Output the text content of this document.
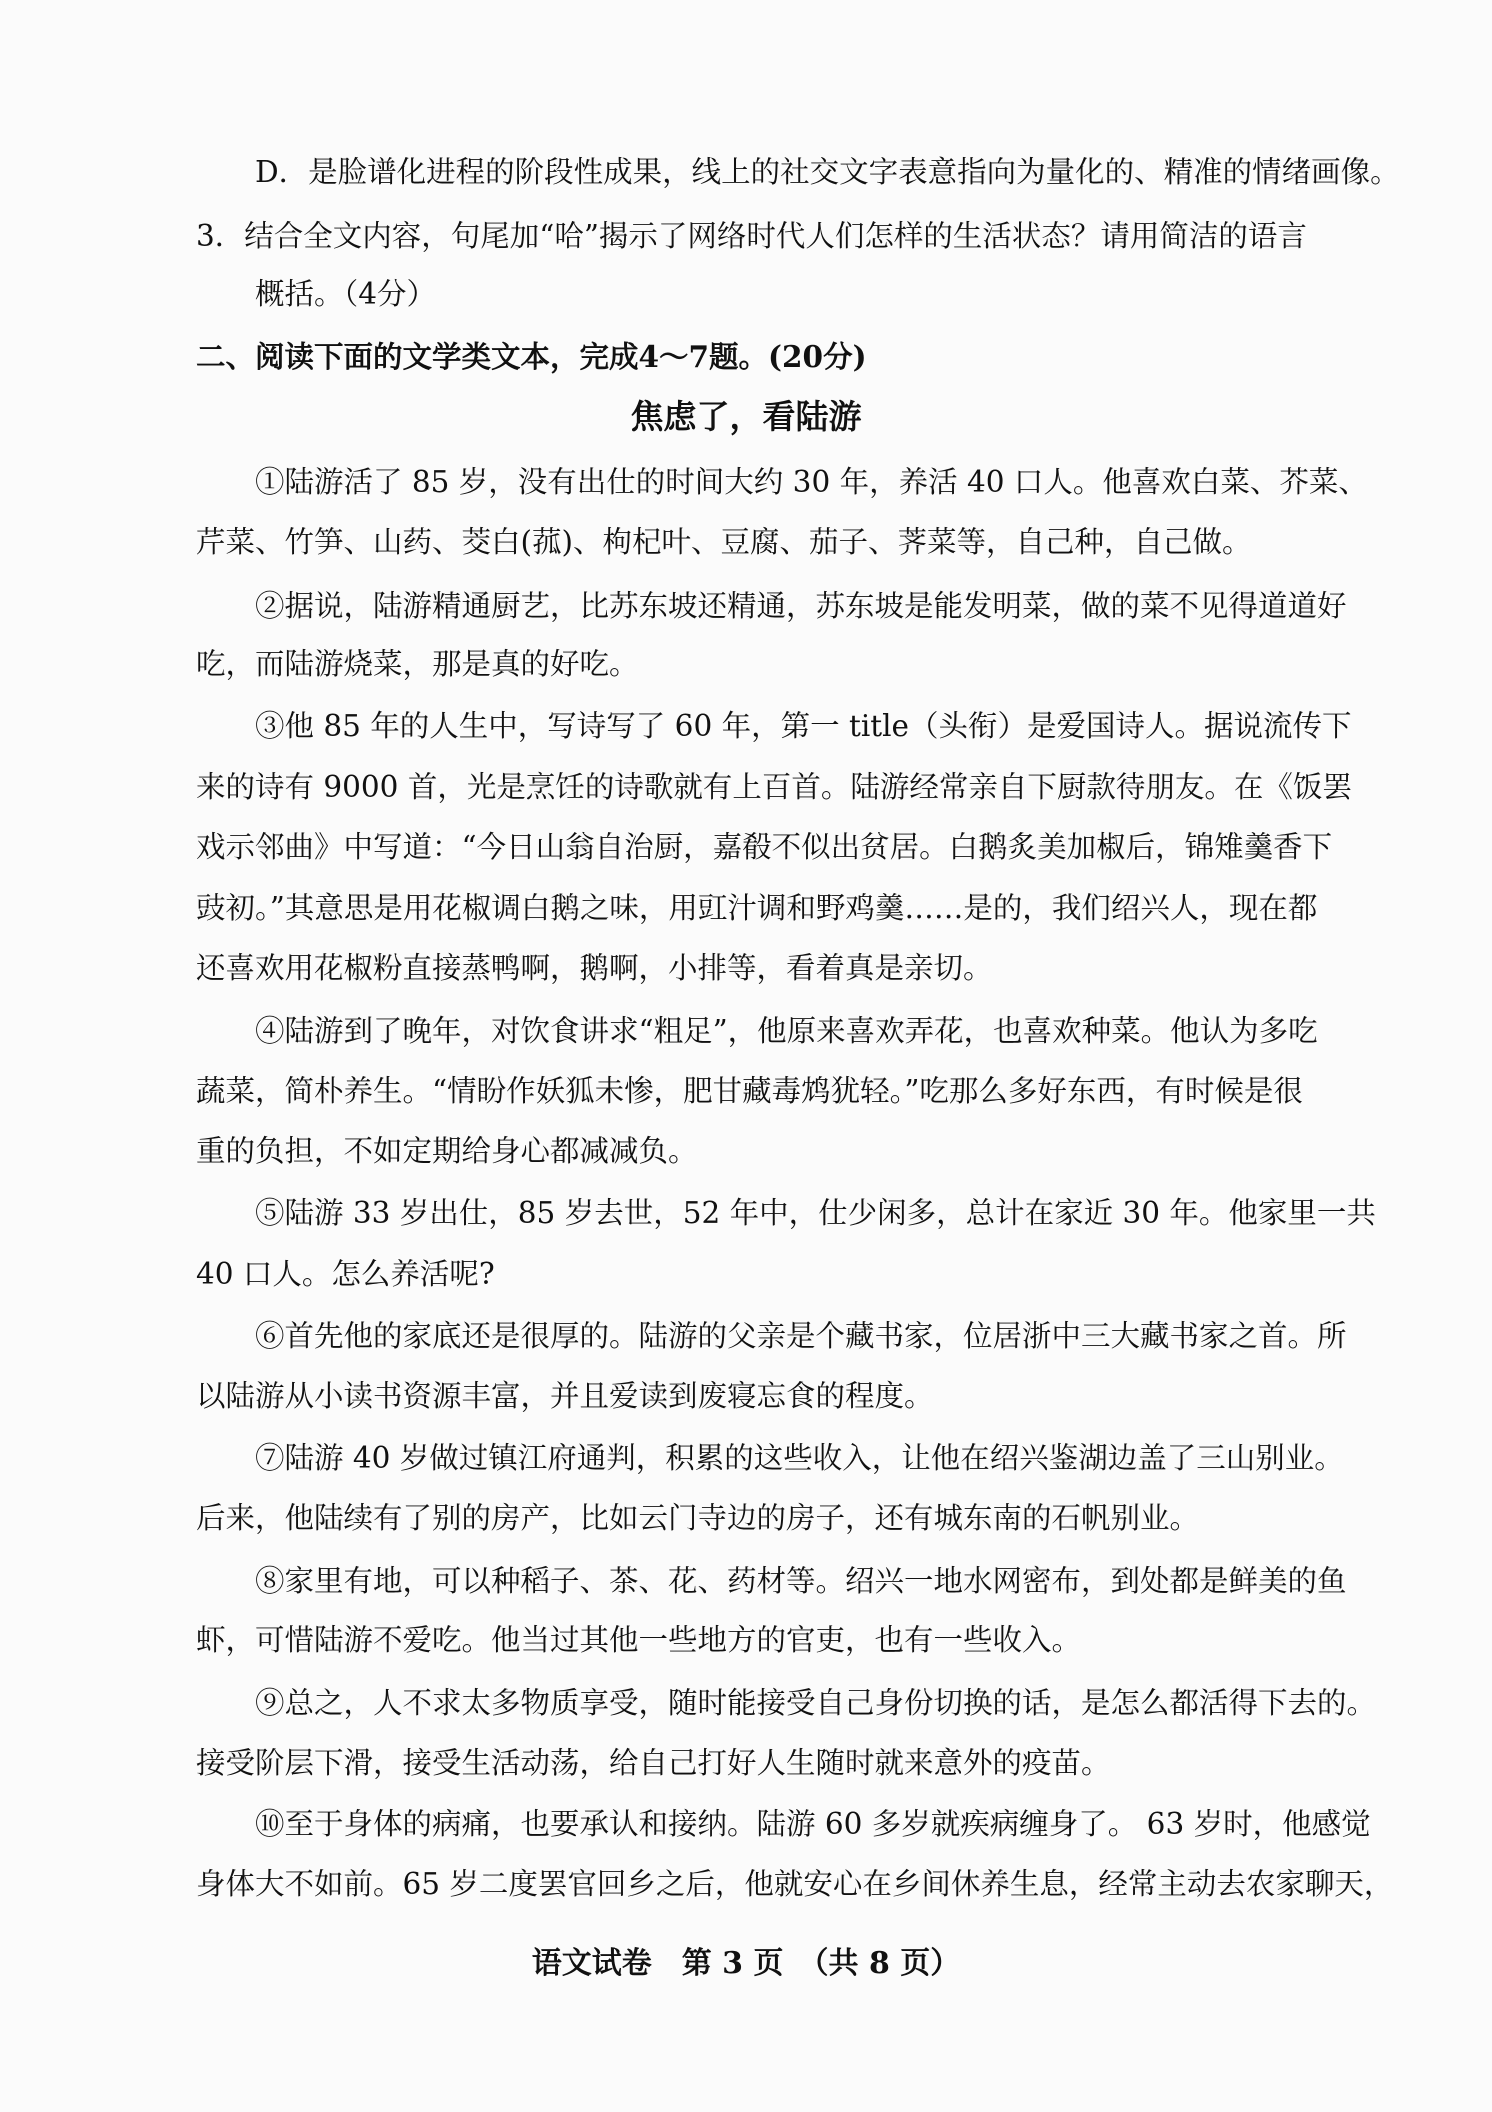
D．是脸谱化进程的阶段性成果，线上的社交文字表意指向为量化的、精准的情绪画像。
3．结合全文内容，句尾加“哈”揭示了网络时代人们怎样的生活状态？请用简洁的语言
概括。（4分）
二、阅读下面的文学类文本，完成4～7题。(20分)
焦虑了，看陆游
①陆游活了 85 岁，没有出仕的时间大约 30 年，养活 40 口人。他喜欢白菜、芥菜、
芹菜、竹笋、山药、茭白(菰)、枸杞叶、豆腐、茄子、荠菜等，自己种，自己做。
②据说，陆游精通厨艺，比苏东坡还精通，苏东坡是能发明菜，做的菜不见得道道好
吃，而陆游烧菜，那是真的好吃。
③他 85 年的人生中，写诗写了 60 年，第一 title（头衔）是爱国诗人。据说流传下
来的诗有 9000 首，光是烹饪的诗歌就有上百首。陆游经常亲自下厨款待朋友。在《饭罢
戏示邻曲》中写道：“今日山翁自治厨，嘉殽不似出贫居。白鹅炙美加椒后，锦雉羹香下
豉初。”其意思是用花椒调白鹅之味，用豇汁调和野鸡羹……是的，我们绍兴人，现在都
还喜欢用花椒粉直接蒸鸭啊，鹅啊，小排等，看着真是亲切。
④陆游到了晚年，对饮食讲求“粗足”，他原来喜欢弄花，也喜欢种菜。他认为多吃
蔬菜，简朴养生。“情盼作妖狐未惨，肥甘藏毒鸩犹轻。”吃那么多好东西，有时候是很
重的负担，不如定期给身心都减减负。
⑤陆游 33 岁出仕，85 岁去世，52 年中，仕少闲多，总计在家近 30 年。他家里一共
40 口人。怎么养活呢?
⑥首先他的家底还是很厚的。陆游的父亲是个藏书家，位居浙中三大藏书家之首。所
以陆游从小读书资源丰富，并且爱读到废寝忘食的程度。
⑦陆游 40 岁做过镇江府通判，积累的这些收入，让他在绍兴鉴湖边盖了三山别业。
后来，他陆续有了别的房产，比如云门寺边的房子，还有城东南的石帆别业。
⑧家里有地，可以种稻子、茶、花、药材等。绍兴一地水网密布，到处都是鲜美的鱼
虾，可惜陆游不爱吃。他当过其他一些地方的官吏，也有一些收入。
⑨总之，人不求太多物质享受，随时能接受自己身份切换的话，是怎么都活得下去的。
接受阶层下滑，接受生活动荡，给自己打好人生随时就来意外的疫苗。
⑩至于身体的病痛，也要承认和接纳。陆游 60 多岁就疾病缠身了。 63 岁时，他感觉
身体大不如前。65 岁二度罢官回乡之后，他就安心在乡间休养生息，经常主动去农家聊天，
语文试卷　第 3 页　（共 8 页）
